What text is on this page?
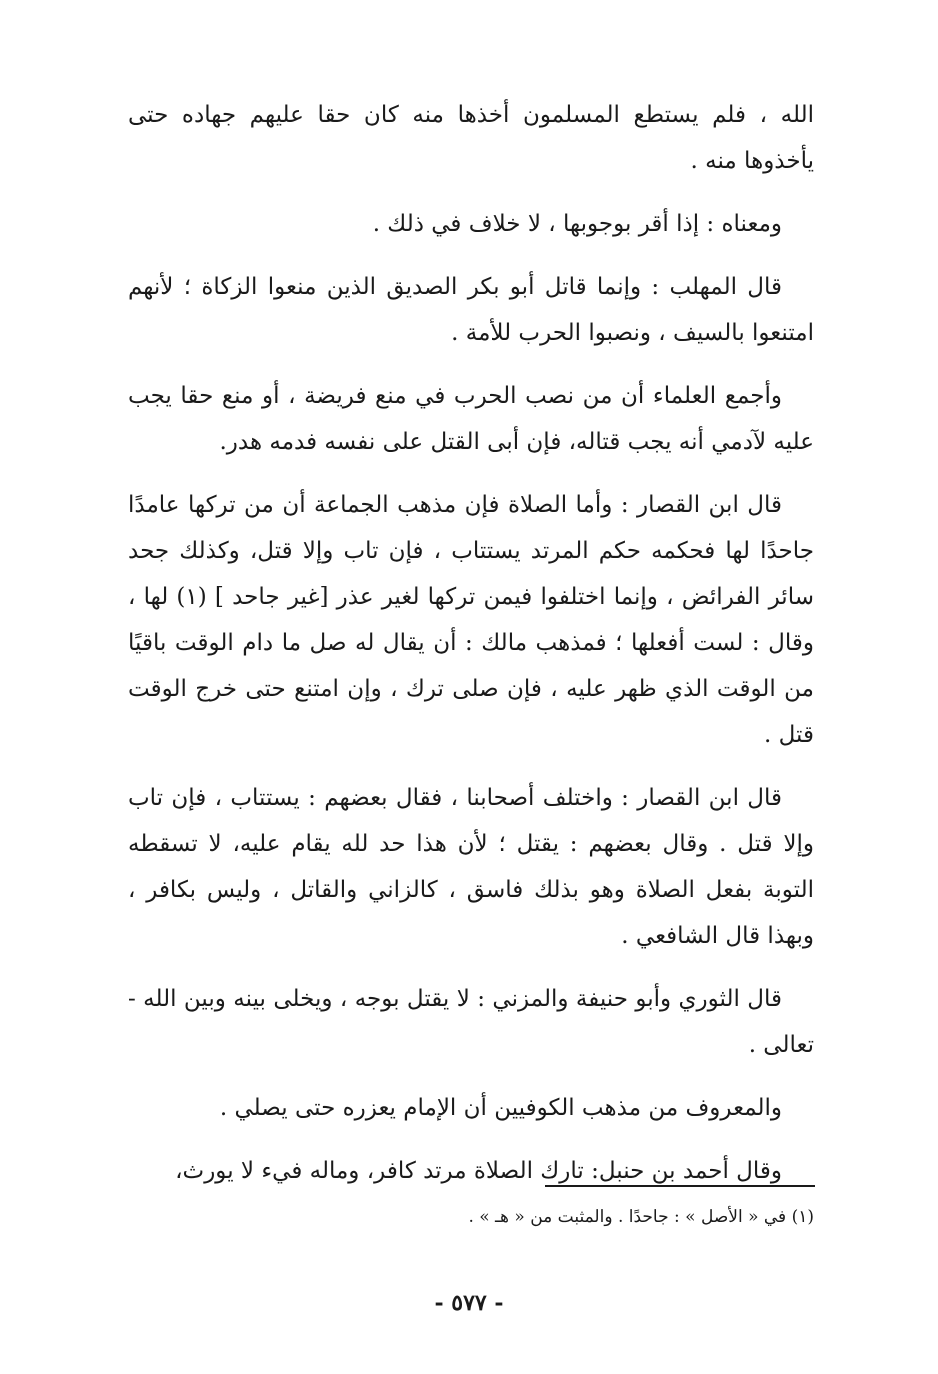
الله ، فلم يستطع المسلمون أخذها منه كان حقا عليهم جهاده حتى يأخذوها منه .

ومعناه : إذا أقر بوجوبها ، لا خلاف في ذلك .

قال المهلب : وإنما قاتل أبو بكر الصديق الذين منعوا الزكاة ؛ لأنهم امتنعوا بالسيف ، ونصبوا الحرب للأمة .

وأجمع العلماء أن من نصب الحرب في منع فريضة ، أو منع حقا يجب عليه لآدمي أنه يجب قتاله، فإن أبى القتل على نفسه فدمه هدر.

قال ابن القصار : وأما الصلاة فإن مذهب الجماعة أن من تركها عامدًا جاحدًا لها فحكمه حكم المرتد يستتاب ، فإن تاب وإلا قتل، وكذلك جحد سائر الفرائض ، وإنما اختلفوا فيمن تركها لغير عذر [غير جاحد ] (١) لها ، وقال : لست أفعلها ؛ فمذهب مالك : أن يقال له صل ما دام الوقت باقيًا من الوقت الذي ظهر عليه ، فإن صلى ترك ، وإن امتنع حتى خرج الوقت قتل .

قال ابن القصار : واختلف أصحابنا ، فقال بعضهم : يستتاب ، فإن تاب وإلا قتل . وقال بعضهم : يقتل ؛ لأن هذا حد لله يقام عليه، لا تسقطه التوبة بفعل الصلاة وهو بذلك فاسق ، كالزاني والقاتل ، وليس بكافر ، وبهذا قال الشافعي .

قال الثوري وأبو حنيفة والمزني : لا يقتل بوجه ، ويخلى بينه وبين الله - تعالى .

والمعروف من مذهب الكوفيين أن الإمام يعزره حتى يصلي .

وقال أحمد بن حنبل: تارك الصلاة مرتد كافر، وماله فيء لا يورث،

(١) في « الأصل » : جاحدًا . والمثبت من « هـ » .
- ٥٧٧ -
